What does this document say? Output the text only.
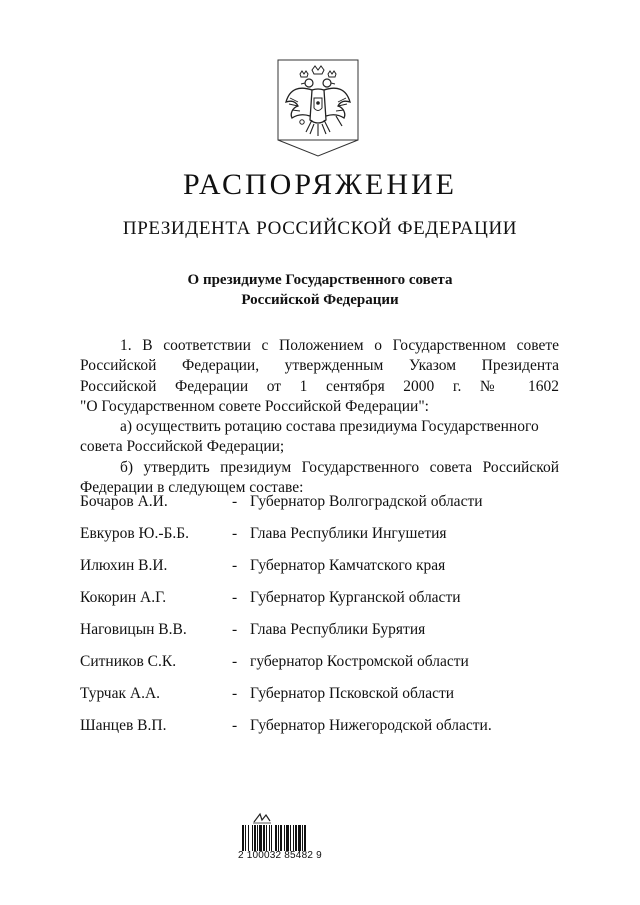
РАСПОРЯЖЕНИЕ
ПРЕЗИДЕНТА РОССИЙСКОЙ ФЕДЕРАЦИИ
О президиуме Государственного совета
Российской Федерации
1. В соответствии с Положением о Государственном совете
Российской Федерации, утвержденным Указом Президента
Российской Федерации от 1 сентября 2000 г. № 1602
"О Государственном совете Российской Федерации":
а) осуществить ротацию состава президиума Государственного
совета Российской Федерации;
б) утвердить президиум Государственного совета Российской
Федерации в следующем составе:
Бочаров А.И.	- Губернатор Волгоградской области
Евкуров Ю.-Б.Б.	- Глава Республики Ингушетия
Илюхин В.И.	- Губернатор Камчатского края
Кокорин А.Г.	- Губернатор Курганской области
Наговицын В.В.	- Глава Республики Бурятия
Ситников С.К.	- губернатор Костромской области
Турчак А.А.	- Губернатор Псковской области
Шанцев В.П.	- Губернатор Нижегородской области.
2 100032 85482 9
